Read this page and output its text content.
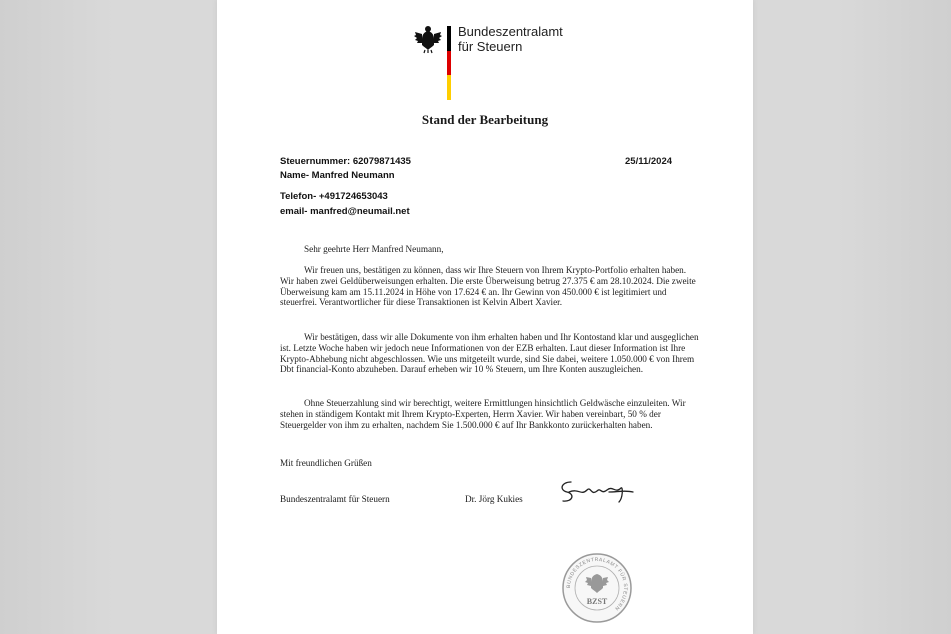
Bundeszentralamt
für Steuern
Stand der Bearbeitung
Steuernummer: 62079871435	25/11/2024
Name- Manfred Neumann
Telefon- +491724653043
email- manfred@neumail.net
Sehr geehrte Herr Manfred Neumann,
Wir freuen uns, bestätigen zu können, dass wir Ihre Steuern von Ihrem Krypto-Portfolio erhalten haben. Wir haben zwei Geldüberweisungen erhalten. Die erste Überweisung betrug 27.375 € am 28.10.2024. Die zweite Überweisung kam am 15.11.2024 in Höhe von 17.624 € an. Ihr Gewinn von 450.000 € ist legitimiert und steuerfrei. Verantwortlicher für diese Transaktionen ist Kelvin Albert Xavier.
Wir bestätigen, dass wir alle Dokumente von ihm erhalten haben und Ihr Kontostand klar und ausgeglichen ist. Letzte Woche haben wir jedoch neue Informationen von der EZB erhalten. Laut dieser Information ist Ihre Krypto-Abhebung nicht abgeschlossen. Wie uns mitgeteilt wurde, sind Sie dabei, weitere 1.050.000 € von Ihrem Dbt financial-Konto abzuheben. Darauf erheben wir 10 % Steuern, um Ihre Konten auszugleichen.
Ohne Steuerzahlung sind wir berechtigt, weitere Ermittlungen hinsichtlich Geldwäsche einzuleiten. Wir stehen in ständigem Kontakt mit Ihrem Krypto-Experten, Herrn Xavier. Wir haben vereinbart, 50 % der Steuergelder von ihm zu erhalten, nachdem Sie 1.500.000 € auf Ihr Bankkonto zurückerhalten haben.
Mit freundlichen Grüßen
Bundeszentralamt für Steuern	Dr. Jörg Kukies
BUNDESZENTRALAMT FÜR STEUERN
BZST
